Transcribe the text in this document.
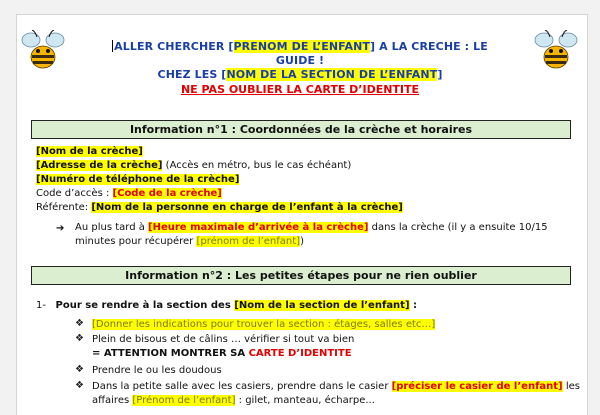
ALLER CHERCHER [PRENOM DE L’ENFANT] A LA CRECHE : LE GUIDE !
CHEZ LES [NOM DE LA SECTION DE L’ENFANT]
NE PAS OUBLIER LA CARTE D’IDENTITE
Information n°1 : Coordonnées de la crèche et horaires
[Nom de la crèche]
[Adresse de la crèche] (Accès en métro, bus le cas échéant)
[Numéro de téléphone de la crèche]
Code d’accès : [Code de la crèche]
Référente: [Nom de la personne en charge de l’enfant à la crèche]
➔ Au plus tard à [Heure maximale d’arrivée à la crèche] dans la crèche (il y a ensuite 10/15 minutes pour récupérer [prénom de l’enfant])
Information n°2 : Les petites étapes pour ne rien oublier
1- Pour se rendre à la section des [Nom de la section de l’enfant] :
❖ [Donner les indications pour trouver la section : étages, salles etc…]
❖ Plein de bisous et de câlins … vérifier si tout va bien
= ATTENTION MONTRER SA CARTE D’IDENTITE
❖ Prendre le ou les doudous
❖ Dans la petite salle avec les casiers, prendre dans le casier [préciser le casier de l’enfant] les
affaires [Prénom de l’enfant] : gilet, manteau, écharpe...
